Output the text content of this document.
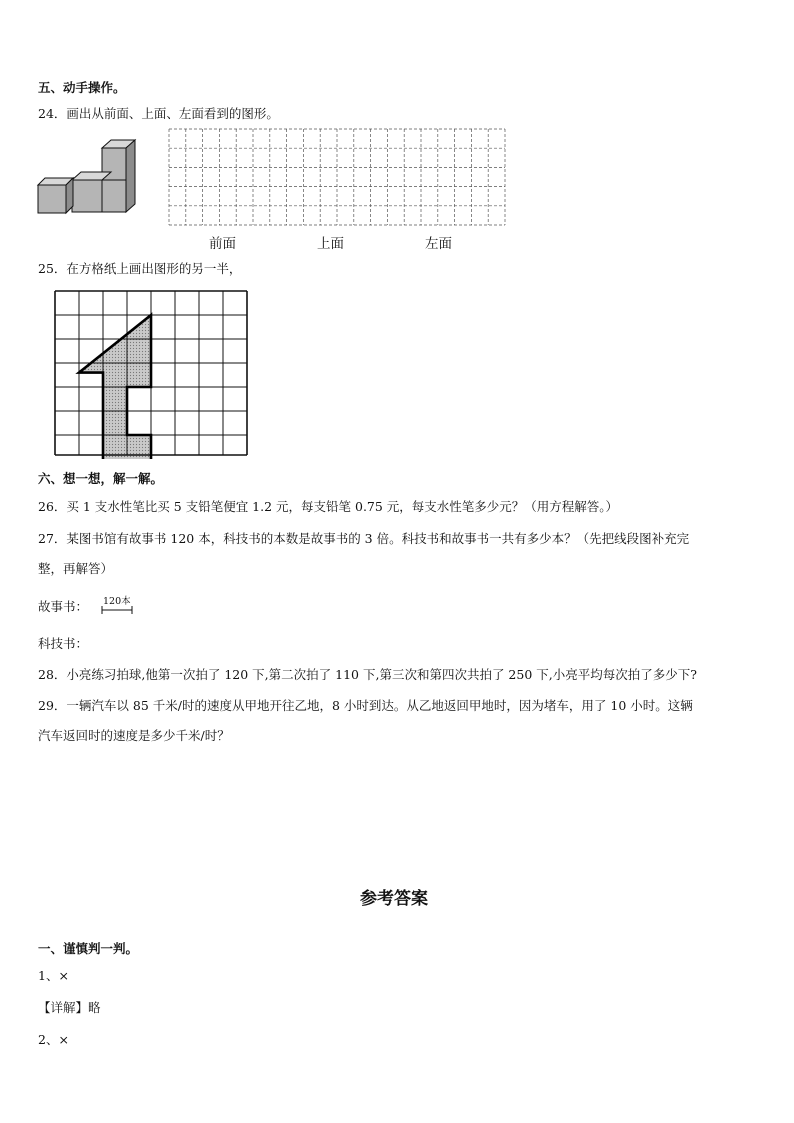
五、动手操作。
24．画出从前面、上面、左面看到的图形。
前面	上面	左面
25．在方格纸上画出图形的另一半，
六、想一想，解一解。
26．买 1 支水性笔比买 5 支铅笔便宜 1.2 元，每支铅笔 0.75 元，每支水性笔多少元？（用方程解答。）
27．某图书馆有故事书 120 本，科技书的本数是故事书的 3 倍。科技书和故事书一共有多少本？（先把线段图补充完
整，再解答）
故事书： 120本
科技书：
28．小亮练习拍球,他第一次拍了 120 下,第二次拍了 110 下,第三次和第四次共拍了 250 下,小亮平均每次拍了多少下?
29．一辆汽车以 85 千米/时的速度从甲地开往乙地，8 小时到达。从乙地返回甲地时，因为堵车，用了 10 小时。这辆
汽车返回时的速度是多少千米/时？
参考答案
一、谨慎判一判。
1、×
【详解】略
2、×
